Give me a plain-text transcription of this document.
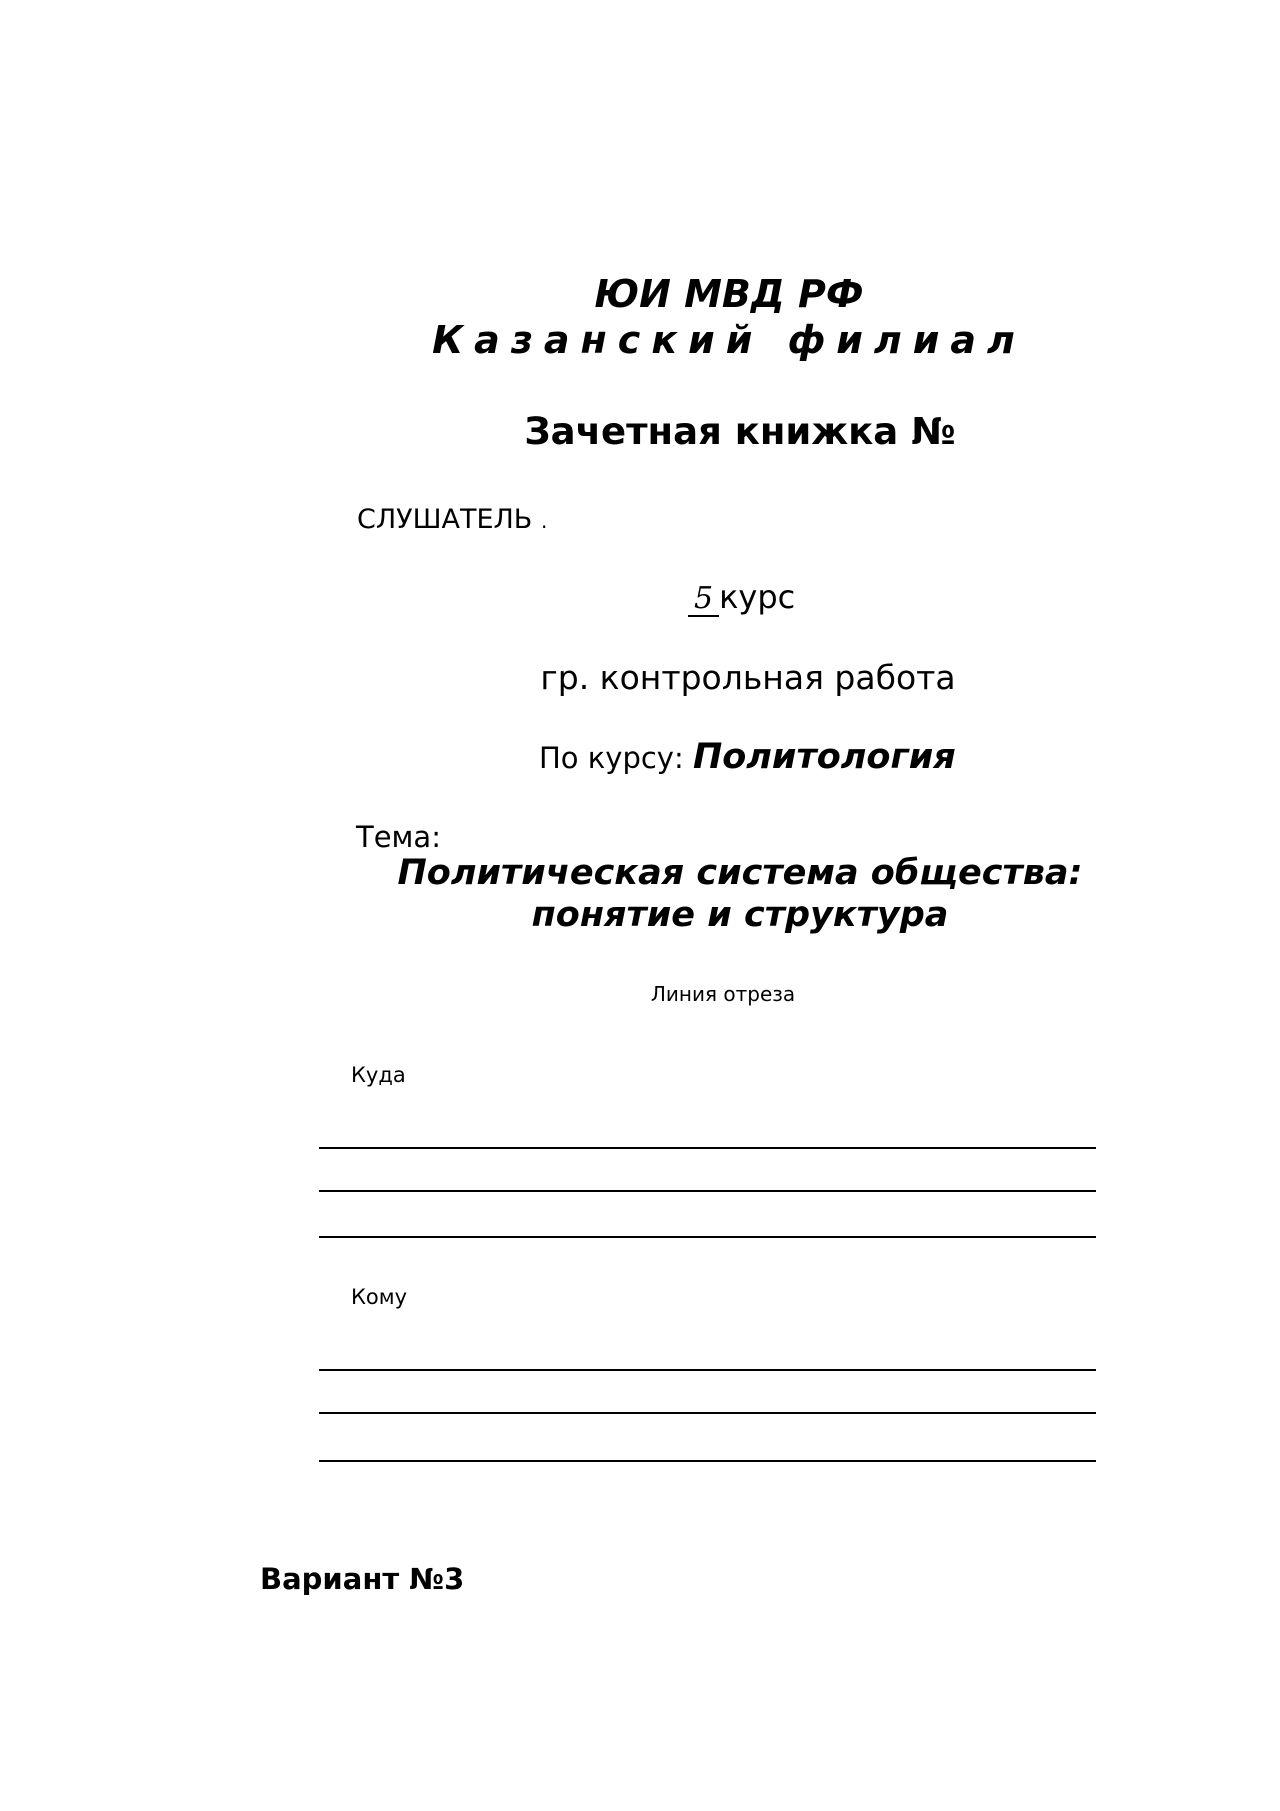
ЮИ МВД РФ
Казанский филиал
Зачетная книжка №
СЛУШАТЕЛЬ .
5 курс
гр. контрольная работа
По курсу: Политология
Тема:
Политическая система общества:
понятие и структура
Линия отреза
Куда
Кому
Вариант №3
